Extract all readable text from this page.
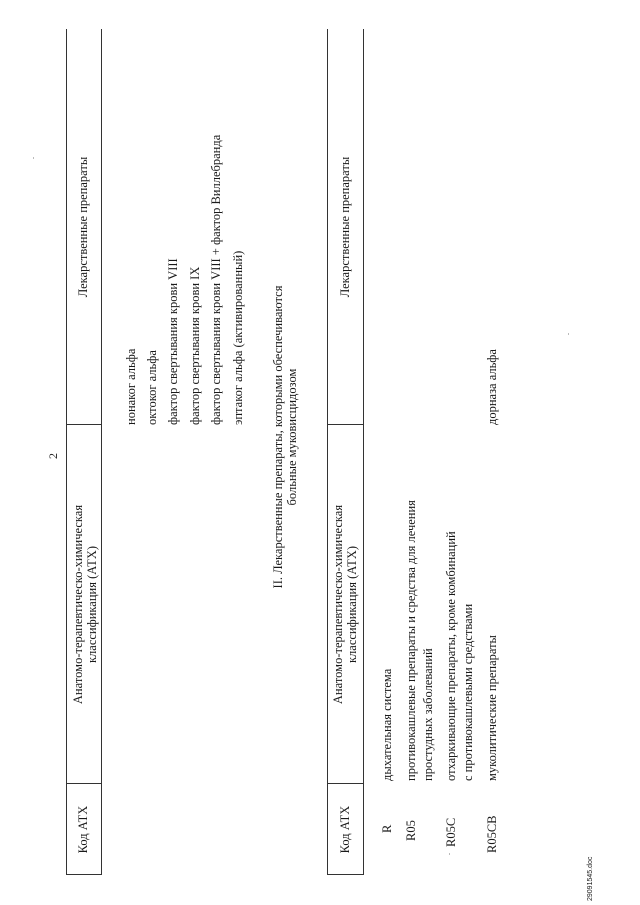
2
Код АТХ
Анатомо-терапевтическо-химическая классификация (АТХ)
Лекарственные препараты
нонаког альфа октоког альфа фактор свертывания крови VIII фактор свертывания крови IX фактор свертывания крови VIII + фактор Виллебранда эптаког альфа (активированный) II. Лекарственные препараты, которыми обеспечиваются больные муковисцидозом
Код АТХ
Анатомо-терапевтическо-химическая классификация (АТХ)
Лекарственные препараты
R
дыхательная система
R05
противокашлевые препараты и средства для лечения простудных заболеваний
R05C
отхаркивающие препараты, кроме комбинаций с противокашлевыми средствами
R05CB
муколитические препараты
дорназа альфа
29091545.doc
